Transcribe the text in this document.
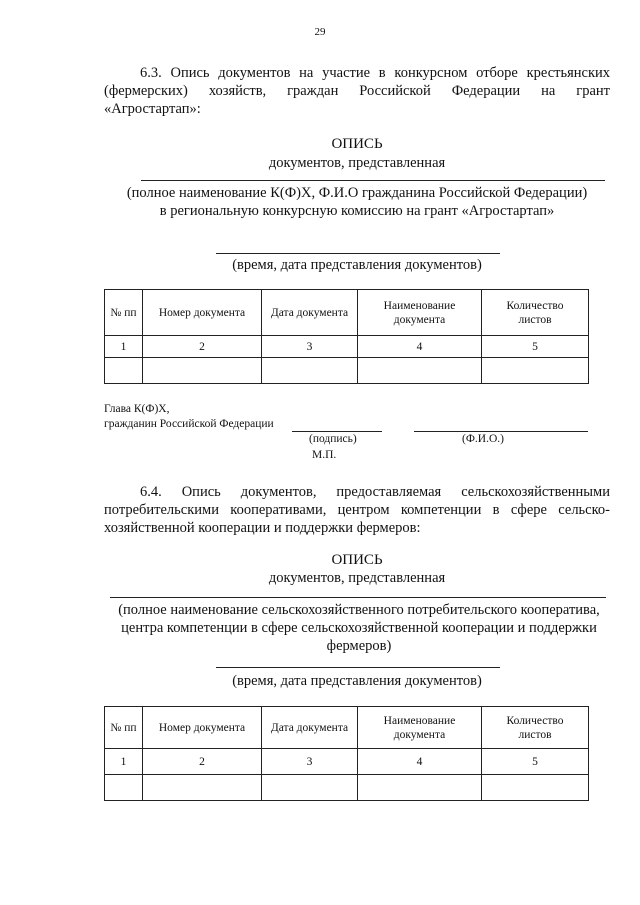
29
6.3. Опись документов на участие в конкурсном отборе крестьянских
(фермерских) хозяйств, граждан Российской Федерации на грант
«Агростартап»:
ОПИСЬ
документов, представленная
(полное наименование К(Ф)Х, Ф.И.О гражданина Российской Федерации)
в региональную конкурсную комиссию на грант «Агростартап»
(время, дата представления документов)
№ пп	Номер документа	Дата документа	Наименование документа	Количество листов
1	2	3	4	5

Глава К(Ф)Х,
гражданин Российской Федерации
(подпись)	(Ф.И.О.)
М.П.
6.4. Опись документов, предоставляемая сельскохозяйственными
потребительскими кооперативами, центром компетенции в сфере сельско-
хозяйственной кооперации и поддержки фермеров:
ОПИСЬ
документов, представленная
(полное наименование сельскохозяйственного потребительского кооператива,
центра компетенции в сфере сельскохозяйственной кооперации и поддержки
фермеров)
(время, дата представления документов)
№ пп	Номер документа	Дата документа	Наименование документа	Количество листов
1	2	3	4	5
